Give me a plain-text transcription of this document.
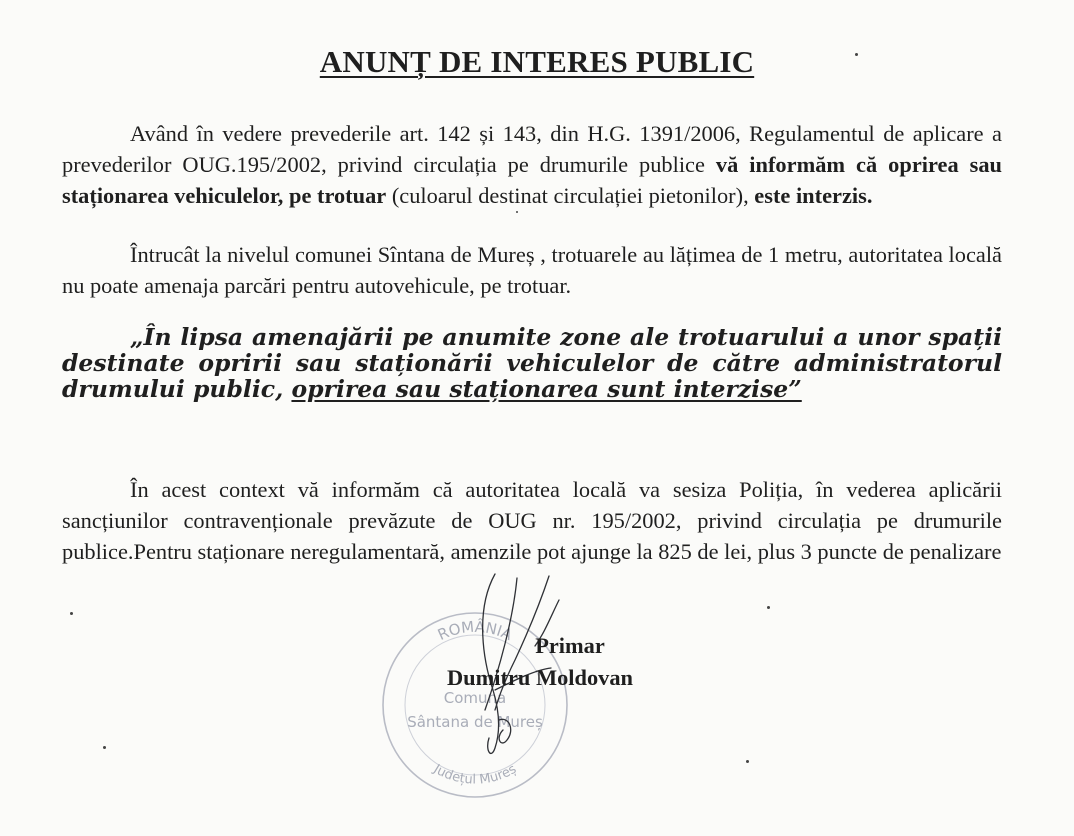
ANUNȚ DE INTERES PUBLIC
Având în vedere prevederile art. 142 și 143, din H.G. 1391/2006, Regulamentul de aplicare a prevederilor OUG.195/2002, privind circulația pe drumurile publice vă informăm că oprirea sau staționarea vehiculelor, pe trotuar (culoarul destinat circulației pietonilor), este interzis.
Întrucât la nivelul comunei Sîntana de Mureș , trotuarele au lățimea de 1 metru, autoritatea locală nu poate amenaja parcări pentru autovehicule, pe trotuar.
„În lipsa amenajării pe anumite zone ale trotuarului a unor spații destinate opririi sau staționării vehiculelor de către administratorul drumului public, oprirea sau staționarea sunt interzise”
În acest context vă informăm că autoritatea locală va sesiza Poliția, în vederea aplicării sancțiunilor contravenționale prevăzute de OUG nr. 195/2002, privind circulația pe drumurile publice.Pentru staționare neregulamentară, amenzile pot ajunge la 825 de lei, plus 3 puncte de penalizare
ROMÂNIA
Comuna
Sântana de Mureș
Județul Mureș
Primar
Dumitru Moldovan
